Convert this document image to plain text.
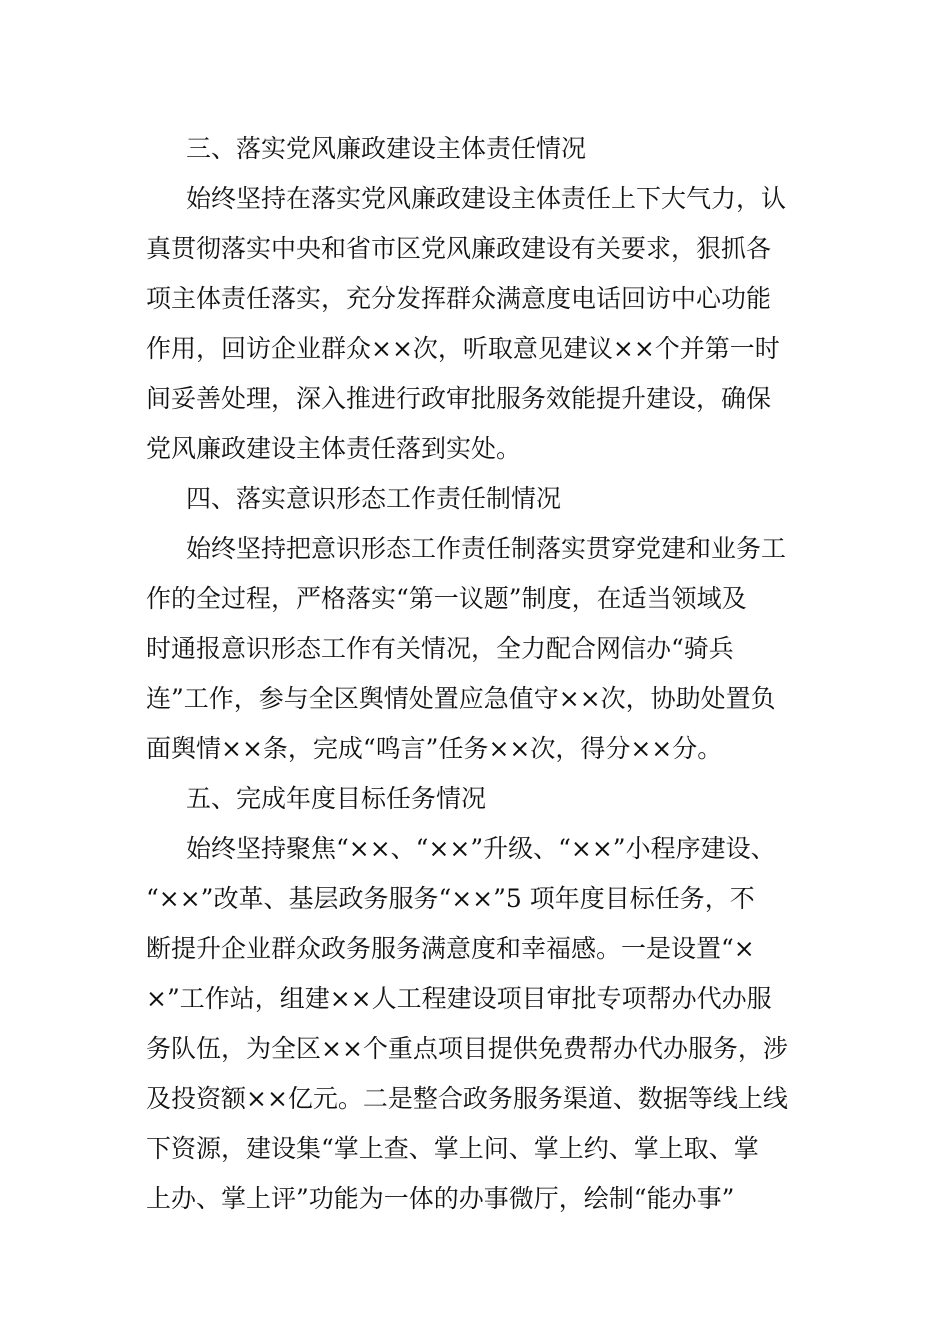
三、落实党风廉政建设主体责任情况
始终坚持在落实党风廉政建设主体责任上下大气力，认
真贯彻落实中央和省市区党风廉政建设有关要求，狠抓各
项主体责任落实，充分发挥群众满意度电话回访中心功能
作用，回访企业群众××次，听取意见建议××个并第一时
间妥善处理，深入推进行政审批服务效能提升建设，确保
党风廉政建设主体责任落到实处。
四、落实意识形态工作责任制情况
始终坚持把意识形态工作责任制落实贯穿党建和业务工
作的全过程，严格落实“第一议题”制度，在适当领域及
时通报意识形态工作有关情况，全力配合网信办“骑兵
连”工作，参与全区舆情处置应急值守××次，协助处置负
面舆情××条，完成“鸣言”任务××次，得分××分。
五、完成年度目标任务情况
始终坚持聚焦“××、“××”升级、“××”小程序建设、
“××”改革、基层政务服务“××”5 项年度目标任务，不
断提升企业群众政务服务满意度和幸福感。一是设置“×
×”工作站，组建××人工程建设项目审批专项帮办代办服
务队伍，为全区××个重点项目提供免费帮办代办服务，涉
及投资额××亿元。二是整合政务服务渠道、数据等线上线
下资源，建设集“掌上查、掌上问、掌上约、掌上取、掌
上办、掌上评”功能为一体的办事微厅，绘制“能办事”
